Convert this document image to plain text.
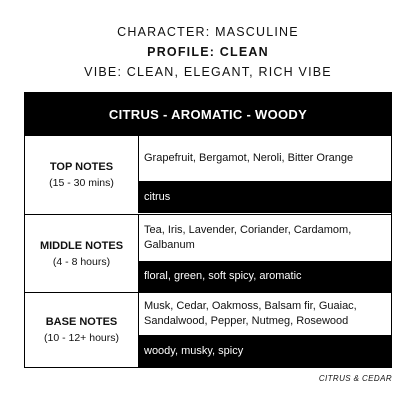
CHARACTER: MASCULINE
PROFILE: CLEAN
VIBE: CLEAN, ELEGANT, RICH VIBE
CITRUS - AROMATIC - WOODY
TOP NOTES
(15 - 30 mins)
Grapefruit, Bergamot, Neroli, Bitter Orange
citrus
MIDDLE NOTES
(4 - 8 hours)
Tea, Iris, Lavender, Coriander, Cardamom, Galbanum
floral, green, soft spicy, aromatic
BASE NOTES
(10 - 12+ hours)
Musk, Cedar, Oakmoss, Balsam fir, Guaiac, Sandalwood, Pepper, Nutmeg, Rosewood
woody, musky, spicy
CITRUS & CEDAR
